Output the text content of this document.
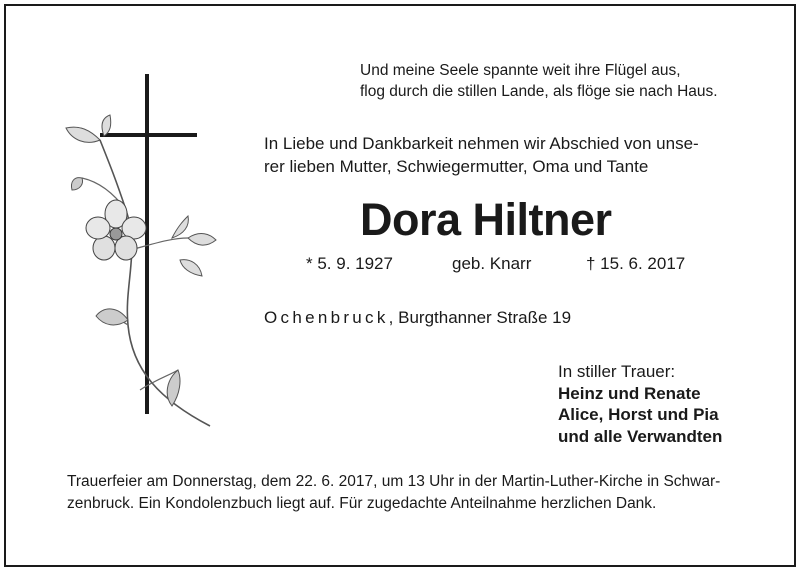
Und meine Seele spannte weit ihre Flügel aus,
flog durch die stillen Lande, als flöge sie nach Haus.
In Liebe und Dankbarkeit nehmen wir Abschied von unse-
rer lieben Mutter, Schwiegermutter, Oma und Tante
Dora Hiltner
* 5. 9. 1927	geb. Knarr	† 15. 6. 2017
Ochenbruck, Burgthanner Straße 19
In stiller Trauer:
Heinz und Renate
Alice, Horst und Pia
und alle Verwandten
Trauerfeier am Donnerstag, dem 22. 6. 2017, um 13 Uhr in der Martin-Luther-Kirche in Schwar-
zenbruck. Ein Kondolenzbuch liegt auf. Für zugedachte Anteilnahme herzlichen Dank.
